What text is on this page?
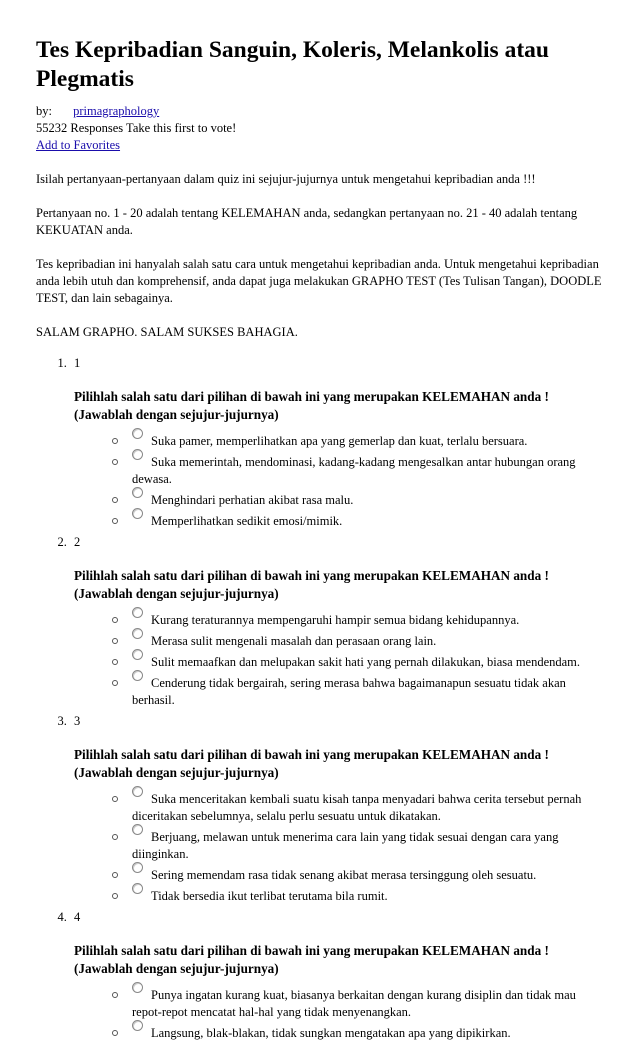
Tes Kepribadian Sanguin, Koleris, Melankolis atau Plegmatis

by: primagraphology

55232 Responses Take this first to vote!

Add to Favorites

Isilah pertanyaan-pertanyaan dalam quiz ini sejujur-jujurnya untuk mengetahui kepribadian anda !!!

Pertanyaan no. 1 - 20 adalah tentang KELEMAHAN anda, sedangkan pertanyaan no. 21 - 40 adalah tentang KEKUATAN anda.

Tes kepribadian ini hanyalah salah satu cara untuk mengetahui kepribadian anda. Untuk mengetahui kepribadian anda lebih utuh dan komprehensif, anda dapat juga melakukan GRAPHO TEST (Tes Tulisan Tangan), DOODLE TEST, dan lain sebagainya.

SALAM GRAPHO. SALAM SUKSES BAHAGIA.

1. 1
Pilihlah salah satu dari pilihan di bawah ini yang merupakan KELEMAHAN anda ! (Jawablah dengan sejujur-jujurnya)
Suka pamer, memperlihatkan apa yang gemerlap dan kuat, terlalu bersuara.
Suka memerintah, mendominasi, kadang-kadang mengesalkan antar hubungan orang dewasa.
Menghindari perhatian akibat rasa malu.
Memperlihatkan sedikit emosi/mimik.
2. 2
Pilihlah salah satu dari pilihan di bawah ini yang merupakan KELEMAHAN anda ! (Jawablah dengan sejujur-jujurnya)
Kurang teraturannya mempengaruhi hampir semua bidang kehidupannya.
Merasa sulit mengenali masalah dan perasaan orang lain.
Sulit memaafkan dan melupakan sakit hati yang pernah dilakukan, biasa mendendam.
Cenderung tidak bergairah, sering merasa bahwa bagaimanapun sesuatu tidak akan berhasil.
3. 3
Pilihlah salah satu dari pilihan di bawah ini yang merupakan KELEMAHAN anda ! (Jawablah dengan sejujur-jujurnya)
Suka menceritakan kembali suatu kisah tanpa menyadari bahwa cerita tersebut pernah diceritakan sebelumnya, selalu perlu sesuatu untuk dikatakan.
Berjuang, melawan untuk menerima cara lain yang tidak sesuai dengan cara yang diinginkan.
Sering memendam rasa tidak senang akibat merasa tersinggung oleh sesuatu.
Tidak bersedia ikut terlibat terutama bila rumit.
4. 4
Pilihlah salah satu dari pilihan di bawah ini yang merupakan KELEMAHAN anda ! (Jawablah dengan sejujur-jujurnya)
Punya ingatan kurang kuat, biasanya berkaitan dengan kurang disiplin dan tidak mau repot-repot mencatat hal-hal yang tidak menyenangkan.
Langsung, blak-blakan, tidak sungkan mengatakan apa yang dipikirkan.
